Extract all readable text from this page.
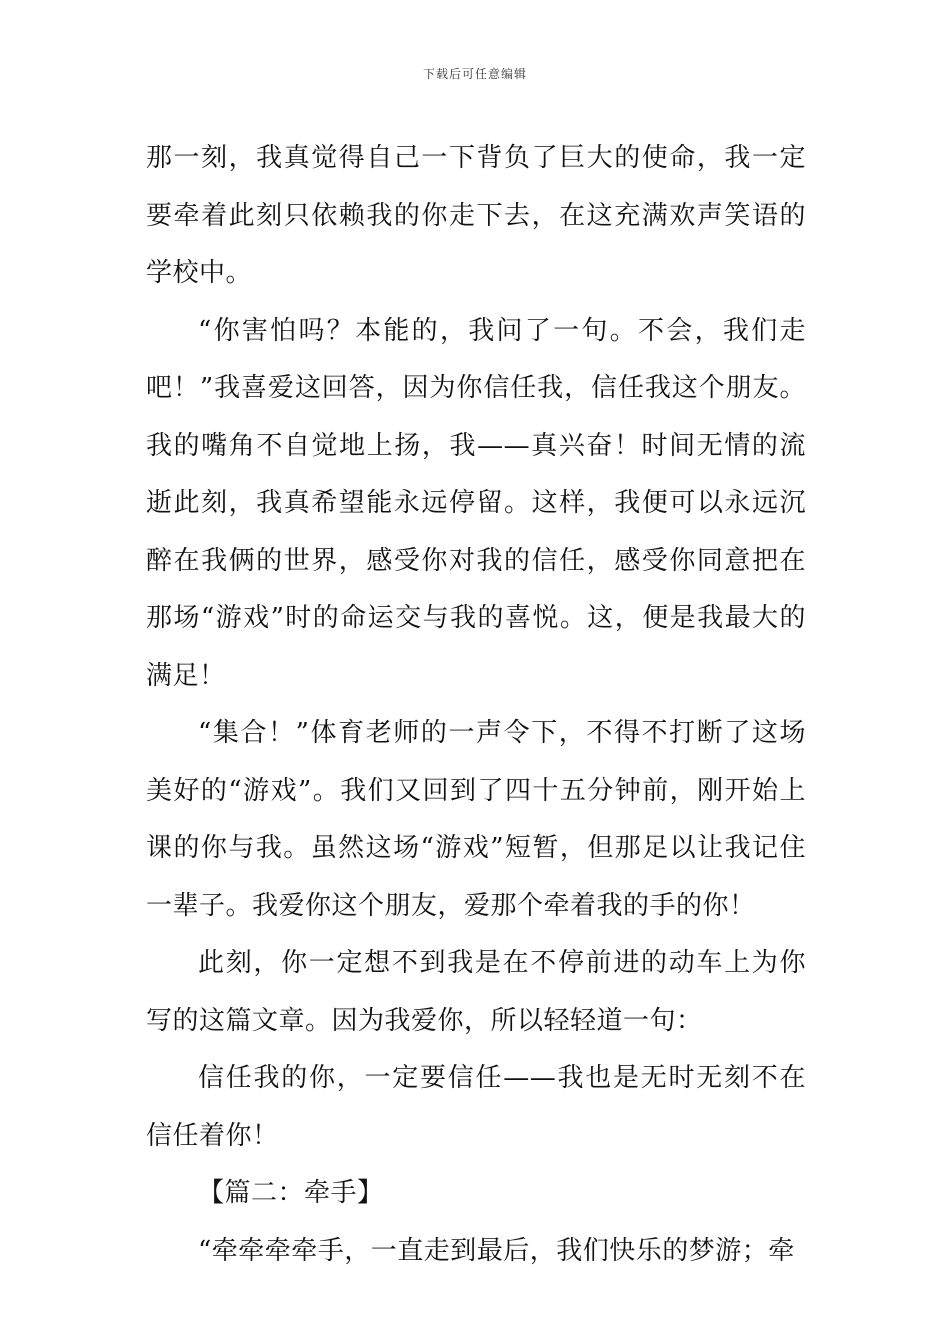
下载后可任意编辑

那一刻，我真觉得自己一下背负了巨大的使命，我一定要牵着此刻只依赖我的你走下去，在这充满欢声笑语的学校中。

“你害怕吗？本能的，我问了一句。不会，我们走吧！”我喜爱这回答，因为你信任我，信任我这个朋友。我的嘴角不自觉地上扬，我——真兴奋！时间无情的流逝此刻，我真希望能永远停留。这样，我便可以永远沉醉在我俩的世界，感受你对我的信任，感受你同意把在那场“游戏”时的命运交与我的喜悦。这，便是我最大的满足！

“集合！”体育老师的一声令下，不得不打断了这场美好的“游戏”。我们又回到了四十五分钟前，刚开始上课的你与我。虽然这场“游戏”短暂，但那足以让我记住一辈子。我爱你这个朋友，爱那个牵着我的手的你！

此刻，你一定想不到我是在不停前进的动车上为你写的这篇文章。因为我爱你，所以轻轻道一句：

信任我的你，一定要信任——我也是无时无刻不在信任着你！

【篇二：牵手】

“牵牵牵牵手，一直走到最后，我们快乐的梦游；牵
